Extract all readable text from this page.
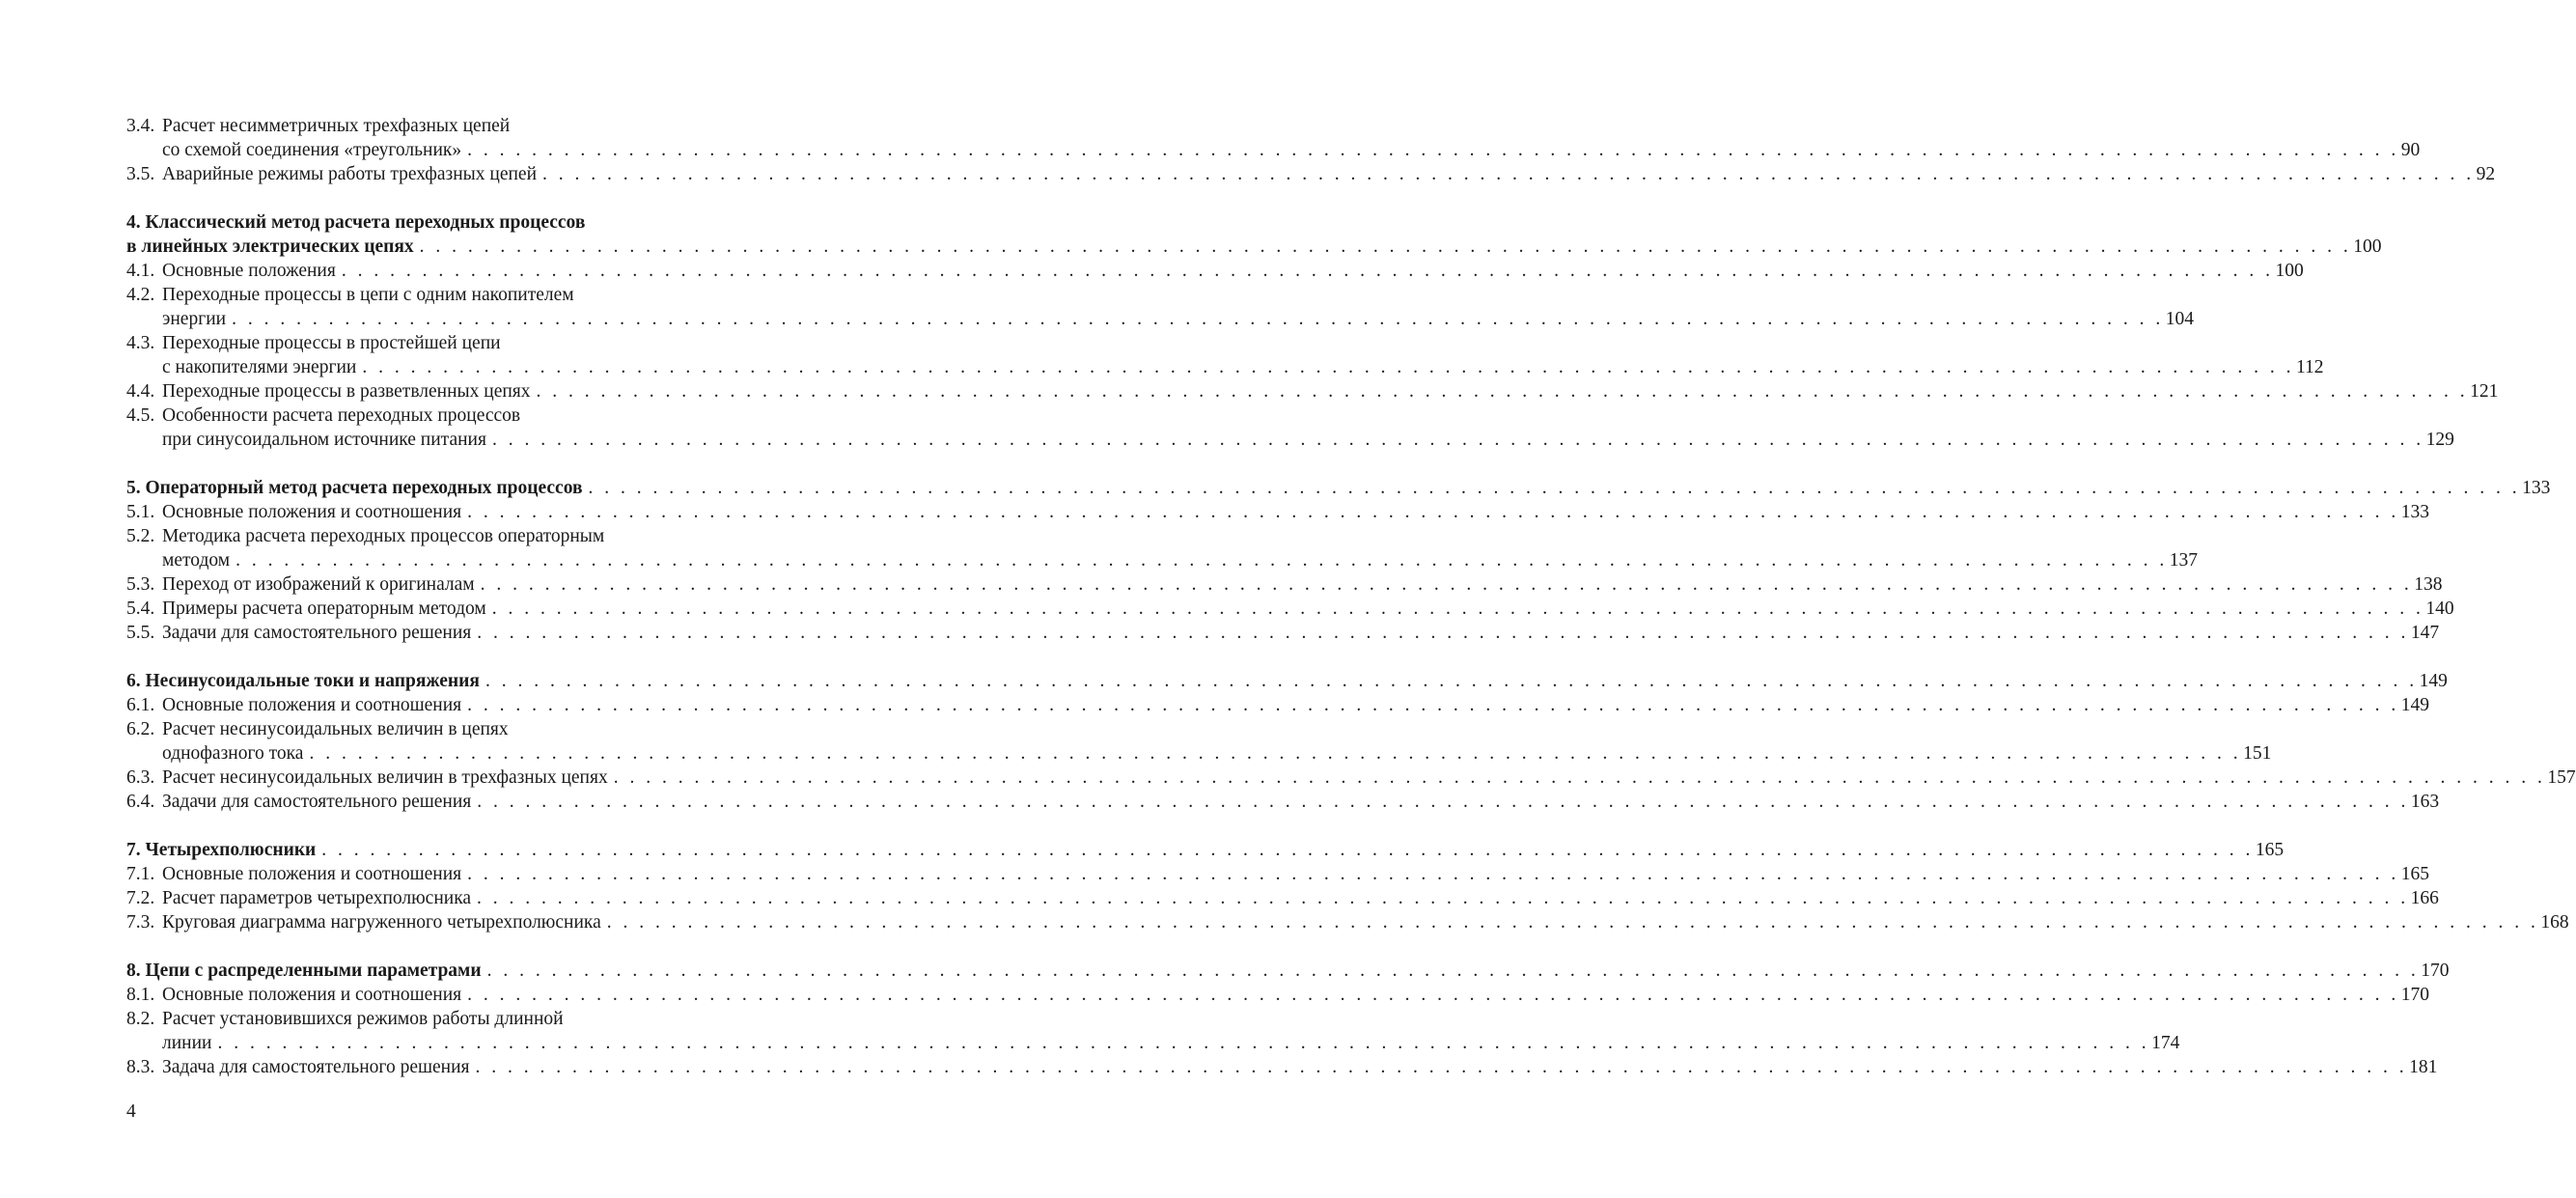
3.4. Расчет несимметричных трехфазных цепей
со схемой соединения «треугольник» . . . . . . . . . . . . . . . . . . . . . . . . . . . . . . . . . . . . . . . . . . . . . . . . . . . . . . . . . . . . . . . . . . . . . . . . . . . . . . . . . . . . . . . . . . . . . . . . . . . . . . . . . . . . . . . . . . . . . . . . 90
3.5. Аварийные режимы работы трехфазных цепей . . . . . . . . . . . . . . . . . . . . . . . . . . . . . . . . . . . . . . . . . . . . . . . . . . . . . . . . . . . . . . . . . . . . . . . . . . . . . . . . . . . . . . . . . . . . . . . . . . . . . . . . . . . . . . . . . . . . . . . . 92
4. Классический метод расчета переходных процессов
в линейных электрических цепях . . . . . . . . . . . . . . . . . . . . . . . . . . . . . . . . . . . . . . . . . . . . . . . . . . . . . . . . . . . . . . . . . . . . . . . . . . . . . . . . . . . . . . . . . . . . . . . . . . . . . . . . . . . . . . . . . . . . . . . . 100
4.1. Основные положения . . . . . . . . . . . . . . . . . . . . . . . . . . . . . . . . . . . . . . . . . . . . . . . . . . . . . . . . . . . . . . . . . . . . . . . . . . . . . . . . . . . . . . . . . . . . . . . . . . . . . . . . . . . . . . . . . . . . . . . . 100
4.2. Переходные процессы в цепи с одним накопителем
энергии . . . . . . . . . . . . . . . . . . . . . . . . . . . . . . . . . . . . . . . . . . . . . . . . . . . . . . . . . . . . . . . . . . . . . . . . . . . . . . . . . . . . . . . . . . . . . . . . . . . . . . . . . . . . . . . . . . . . . . . . 104
4.3. Переходные процессы в простейшей цепи
с накопителями энергии . . . . . . . . . . . . . . . . . . . . . . . . . . . . . . . . . . . . . . . . . . . . . . . . . . . . . . . . . . . . . . . . . . . . . . . . . . . . . . . . . . . . . . . . . . . . . . . . . . . . . . . . . . . . . . . . . . . . . . . . 112
4.4. Переходные процессы в разветвленных цепях . . . . . . . . . . . . . . . . . . . . . . . . . . . . . . . . . . . . . . . . . . . . . . . . . . . . . . . . . . . . . . . . . . . . . . . . . . . . . . . . . . . . . . . . . . . . . . . . . . . . . . . . . . . . . . . . . . . . . . . . 121
4.5. Особенности расчета переходных процессов
при синусоидальном источнике питания . . . . . . . . . . . . . . . . . . . . . . . . . . . . . . . . . . . . . . . . . . . . . . . . . . . . . . . . . . . . . . . . . . . . . . . . . . . . . . . . . . . . . . . . . . . . . . . . . . . . . . . . . . . . . . . . . . . . . . . . 129
5. Операторный метод расчета переходных процессов . . . . . . . . . . . . . . . . . . . . . . . . . . . . . . . . . . . . . . . . . . . . . . . . . . . . . . . . . . . . . . . . . . . . . . . . . . . . . . . . . . . . . . . . . . . . . . . . . . . . . . . . . . . . . . . . . . . . . . . . 133
5.1. Основные положения и соотношения . . . . . . . . . . . . . . . . . . . . . . . . . . . . . . . . . . . . . . . . . . . . . . . . . . . . . . . . . . . . . . . . . . . . . . . . . . . . . . . . . . . . . . . . . . . . . . . . . . . . . . . . . . . . . . . . . . . . . . . . 133
5.2. Методика расчета переходных процессов операторным
методом . . . . . . . . . . . . . . . . . . . . . . . . . . . . . . . . . . . . . . . . . . . . . . . . . . . . . . . . . . . . . . . . . . . . . . . . . . . . . . . . . . . . . . . . . . . . . . . . . . . . . . . . . . . . . . . . . . . . . . . . 137
5.3. Переход от изображений к оригиналам . . . . . . . . . . . . . . . . . . . . . . . . . . . . . . . . . . . . . . . . . . . . . . . . . . . . . . . . . . . . . . . . . . . . . . . . . . . . . . . . . . . . . . . . . . . . . . . . . . . . . . . . . . . . . . . . . . . . . . . . 138
5.4. Примеры расчета операторным методом . . . . . . . . . . . . . . . . . . . . . . . . . . . . . . . . . . . . . . . . . . . . . . . . . . . . . . . . . . . . . . . . . . . . . . . . . . . . . . . . . . . . . . . . . . . . . . . . . . . . . . . . . . . . . . . . . . . . . . . . 140
5.5. Задачи для самостоятельного решения . . . . . . . . . . . . . . . . . . . . . . . . . . . . . . . . . . . . . . . . . . . . . . . . . . . . . . . . . . . . . . . . . . . . . . . . . . . . . . . . . . . . . . . . . . . . . . . . . . . . . . . . . . . . . . . . . . . . . . . . 147
6. Несинусоидальные токи и напряжения . . . . . . . . . . . . . . . . . . . . . . . . . . . . . . . . . . . . . . . . . . . . . . . . . . . . . . . . . . . . . . . . . . . . . . . . . . . . . . . . . . . . . . . . . . . . . . . . . . . . . . . . . . . . . . . . . . . . . . . . 149
6.1. Основные положения и соотношения . . . . . . . . . . . . . . . . . . . . . . . . . . . . . . . . . . . . . . . . . . . . . . . . . . . . . . . . . . . . . . . . . . . . . . . . . . . . . . . . . . . . . . . . . . . . . . . . . . . . . . . . . . . . . . . . . . . . . . . . 149
6.2. Расчет несинусоидальных величин в цепях
однофазного тока . . . . . . . . . . . . . . . . . . . . . . . . . . . . . . . . . . . . . . . . . . . . . . . . . . . . . . . . . . . . . . . . . . . . . . . . . . . . . . . . . . . . . . . . . . . . . . . . . . . . . . . . . . . . . . . . . . . . . . . . 151
6.3. Расчет несинусоидальных величин в трехфазных цепях . . . . . . . . . . . . . . . . . . . . . . . . . . . . . . . . . . . . . . . . . . . . . . . . . . . . . . . . . . . . . . . . . . . . . . . . . . . . . . . . . . . . . . . . . . . . . . . . . . . . . . . . . . . . . . . . . . . . . . . . 157
6.4. Задачи для самостоятельного решения . . . . . . . . . . . . . . . . . . . . . . . . . . . . . . . . . . . . . . . . . . . . . . . . . . . . . . . . . . . . . . . . . . . . . . . . . . . . . . . . . . . . . . . . . . . . . . . . . . . . . . . . . . . . . . . . . . . . . . . . 163
7. Четырехполюсники . . . . . . . . . . . . . . . . . . . . . . . . . . . . . . . . . . . . . . . . . . . . . . . . . . . . . . . . . . . . . . . . . . . . . . . . . . . . . . . . . . . . . . . . . . . . . . . . . . . . . . . . . . . . . . . . . . . . . . . . 165
7.1. Основные положения и соотношения . . . . . . . . . . . . . . . . . . . . . . . . . . . . . . . . . . . . . . . . . . . . . . . . . . . . . . . . . . . . . . . . . . . . . . . . . . . . . . . . . . . . . . . . . . . . . . . . . . . . . . . . . . . . . . . . . . . . . . . . 165
7.2. Расчет параметров четырехполюсника . . . . . . . . . . . . . . . . . . . . . . . . . . . . . . . . . . . . . . . . . . . . . . . . . . . . . . . . . . . . . . . . . . . . . . . . . . . . . . . . . . . . . . . . . . . . . . . . . . . . . . . . . . . . . . . . . . . . . . . . 166
7.3. Круговая диаграмма нагруженного четырехполюсника . . . . . . . . . . . . . . . . . . . . . . . . . . . . . . . . . . . . . . . . . . . . . . . . . . . . . . . . . . . . . . . . . . . . . . . . . . . . . . . . . . . . . . . . . . . . . . . . . . . . . . . . . . . . . . . . . . . . . . . . 168
8. Цепи с распределенными параметрами . . . . . . . . . . . . . . . . . . . . . . . . . . . . . . . . . . . . . . . . . . . . . . . . . . . . . . . . . . . . . . . . . . . . . . . . . . . . . . . . . . . . . . . . . . . . . . . . . . . . . . . . . . . . . . . . . . . . . . . . 170
8.1. Основные положения и соотношения . . . . . . . . . . . . . . . . . . . . . . . . . . . . . . . . . . . . . . . . . . . . . . . . . . . . . . . . . . . . . . . . . . . . . . . . . . . . . . . . . . . . . . . . . . . . . . . . . . . . . . . . . . . . . . . . . . . . . . . . 170
8.2. Расчет установившихся режимов работы длинной
линии . . . . . . . . . . . . . . . . . . . . . . . . . . . . . . . . . . . . . . . . . . . . . . . . . . . . . . . . . . . . . . . . . . . . . . . . . . . . . . . . . . . . . . . . . . . . . . . . . . . . . . . . . . . . . . . . . . . . . . . . 174
8.3. Задача для самостоятельного решения . . . . . . . . . . . . . . . . . . . . . . . . . . . . . . . . . . . . . . . . . . . . . . . . . . . . . . . . . . . . . . . . . . . . . . . . . . . . . . . . . . . . . . . . . . . . . . . . . . . . . . . . . . . . . . . . . . . . . . . . 181
4
